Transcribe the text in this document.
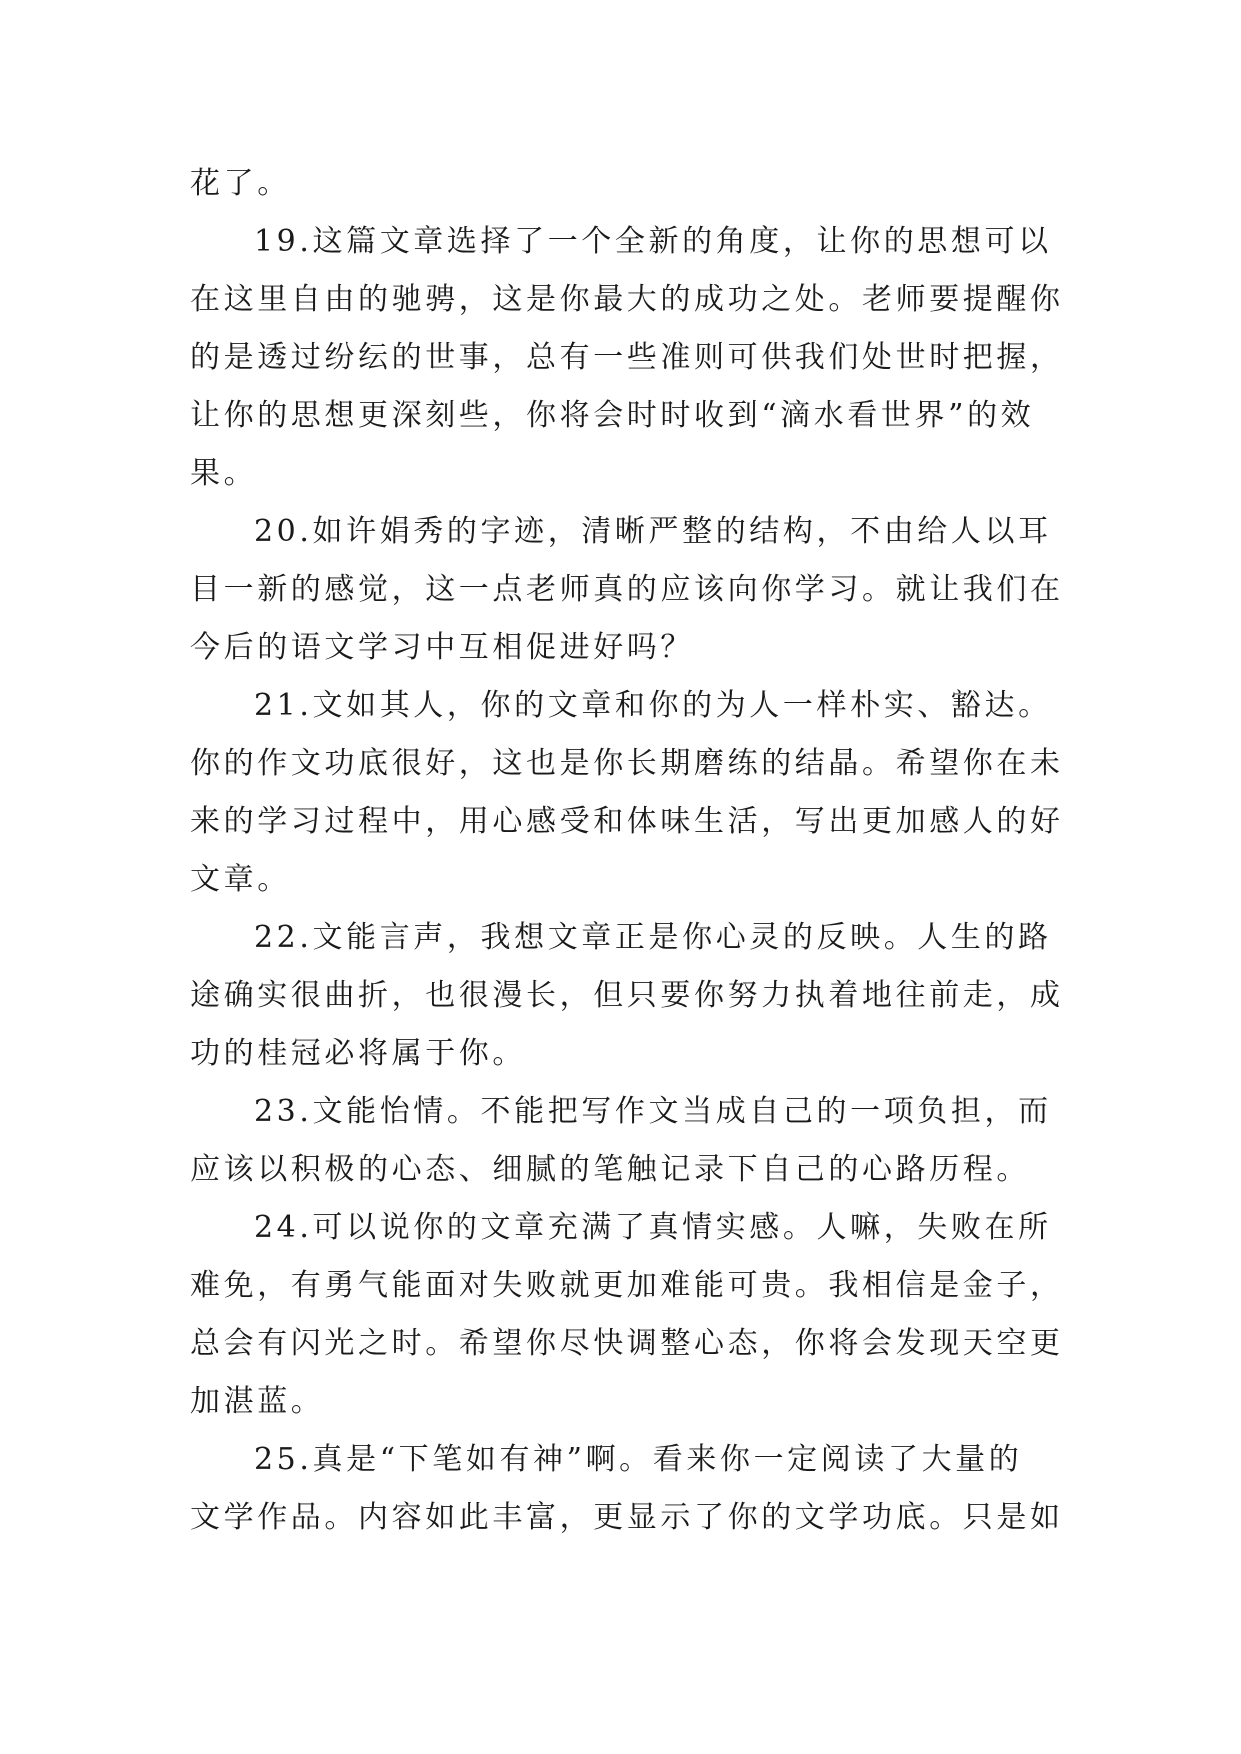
花了。
19.这篇文章选择了一个全新的角度，让你的思想可以
在这里自由的驰骋，这是你最大的成功之处。老师要提醒你
的是透过纷纭的世事，总有一些准则可供我们处世时把握，
让你的思想更深刻些，你将会时时收到“滴水看世界”的效
果。
20.如许娟秀的字迹，清晰严整的结构，不由给人以耳
目一新的感觉，这一点老师真的应该向你学习。就让我们在
今后的语文学习中互相促进好吗？
21.文如其人，你的文章和你的为人一样朴实、豁达。
你的作文功底很好，这也是你长期磨练的结晶。希望你在未
来的学习过程中，用心感受和体味生活，写出更加感人的好
文章。
22.文能言声，我想文章正是你心灵的反映。人生的路
途确实很曲折，也很漫长，但只要你努力执着地往前走，成
功的桂冠必将属于你。
23.文能怡情。不能把写作文当成自己的一项负担，而
应该以积极的心态、细腻的笔触记录下自己的心路历程。
24.可以说你的文章充满了真情实感。人嘛，失败在所
难免，有勇气能面对失败就更加难能可贵。我相信是金子，
总会有闪光之时。希望你尽快调整心态，你将会发现天空更
加湛蓝。
25.真是“下笔如有神”啊。看来你一定阅读了大量的
文学作品。内容如此丰富，更显示了你的文学功底。只是如
